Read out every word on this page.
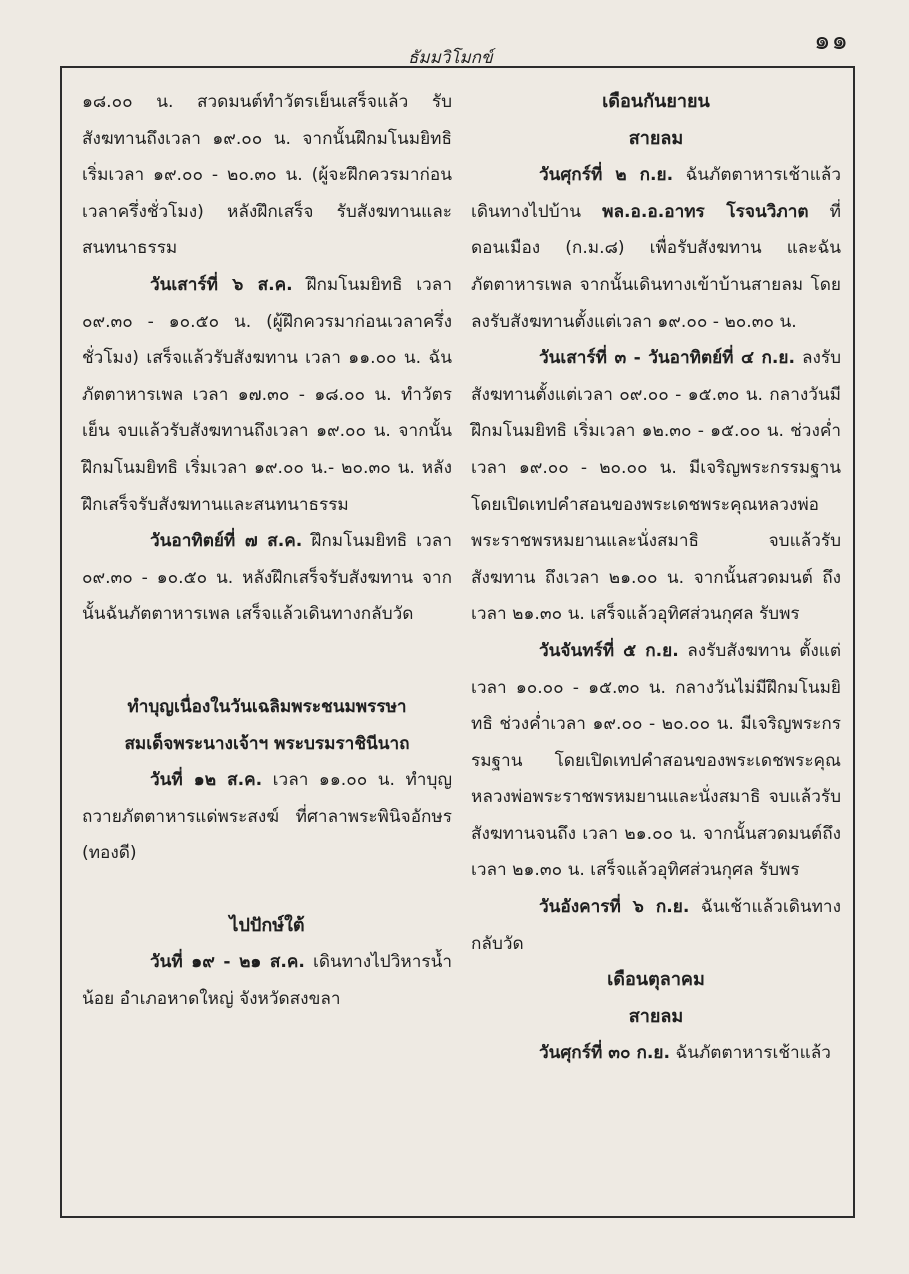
๑๑
ธัมมวิโมกข์

๑๘.๐๐ น. สวดมนต์ทำวัตรเย็นเสร็จแล้ว รับสังฆทานถึงเวลา ๑๙.๐๐ น. จากนั้นฝึกมโนมยิทธิ เริ่มเวลา ๑๙.๐๐ - ๒๐.๓๐ น. (ผู้จะฝึกควรมาก่อนเวลาครึ่งชั่วโมง) หลังฝึกเสร็จ รับสังฆทานและสนทนาธรรม

วันเสาร์ที่ ๖ ส.ค. ฝึกมโนมยิทธิ เวลา ๐๙.๓๐ - ๑๐.๕๐ น. (ผู้ฝึกควรมาก่อนเวลาครึ่งชั่วโมง) เสร็จแล้วรับสังฆทาน เวลา ๑๑.๐๐ น. ฉันภัตตาหารเพล เวลา ๑๗.๓๐ - ๑๘.๐๐ น. ทำวัตรเย็น จบแล้วรับสังฆทานถึงเวลา ๑๙.๐๐ น. จากนั้น ฝึกมโนมยิทธิ เริ่มเวลา ๑๙.๐๐ น.- ๒๐.๓๐ น. หลังฝึกเสร็จรับสังฆทานและสนทนาธรรม

วันอาทิตย์ที่ ๗ ส.ค. ฝึกมโนมยิทธิ เวลา ๐๙.๓๐ - ๑๐.๕๐ น. หลังฝึกเสร็จรับสังฆทาน จากนั้นฉันภัตตาหารเพล เสร็จแล้วเดินทางกลับวัด

ทำบุญเนื่องในวันเฉลิมพระชนมพรรษา

สมเด็จพระนางเจ้าฯ พระบรมราชินีนาถ

วันที่ ๑๒ ส.ค. เวลา ๑๑.๐๐ น. ทำบุญถวายภัตตาหารแด่พระสงฆ์ ที่ศาลาพระพินิจอักษร (ทองดี)

ไปปักษ์ใต้

วันที่ ๑๙ - ๒๑ ส.ค. เดินทางไปวิหารน้ำน้อย อำเภอหาดใหญ่ จังหวัดสงขลา

เดือนกันยายน

สายลม

วันศุกร์ที่ ๒ ก.ย. ฉันภัตตาหารเช้าแล้วเดินทางไปบ้าน พล.อ.อ.อาทร โรจนวิภาต ที่ดอนเมือง (ก.ม.๘) เพื่อรับสังฆทาน และฉันภัตตาหารเพล จากนั้นเดินทางเข้าบ้านสายลม โดยลงรับสังฆทานตั้งแต่เวลา ๑๙.๐๐ - ๒๐.๓๐ น.

วันเสาร์ที่ ๓ - วันอาทิตย์ที่ ๔ ก.ย. ลงรับสังฆทานตั้งแต่เวลา ๐๙.๐๐ - ๑๕.๓๐ น. กลางวันมีฝึกมโนมยิทธิ เริ่มเวลา ๑๒.๓๐ - ๑๕.๐๐ น. ช่วงค่ำ เวลา ๑๙.๐๐ - ๒๐.๐๐ น. มีเจริญพระกรรมฐาน โดยเปิดเทปคำสอนของพระเดชพระคุณหลวงพ่อพระราชพรหมยานและนั่งสมาธิ จบแล้วรับสังฆทาน ถึงเวลา ๒๑.๐๐ น. จากนั้นสวดมนต์ ถึงเวลา ๒๑.๓๐ น. เสร็จแล้วอุทิศส่วนกุศล รับพร

วันจันทร์ที่ ๕ ก.ย. ลงรับสังฆทาน ตั้งแต่เวลา ๑๐.๐๐ - ๑๕.๓๐ น. กลางวันไม่มีฝึกมโนมยิทธิ ช่วงค่ำเวลา ๑๙.๐๐ - ๒๐.๐๐ น. มีเจริญพระกรรมฐาน โดยเปิดเทปคำสอนของพระเดชพระคุณหลวงพ่อพระราชพรหมยานและนั่งสมาธิ จบแล้วรับสังฆทานจนถึง เวลา ๒๑.๐๐ น. จากนั้นสวดมนต์ถึงเวลา ๒๑.๓๐ น. เสร็จแล้วอุทิศส่วนกุศล รับพร

วันอังคารที่ ๖ ก.ย. ฉันเช้าแล้วเดินทางกลับวัด

เดือนตุลาคม

สายลม

วันศุกร์ที่ ๓๐ ก.ย. ฉันภัตตาหารเช้าแล้ว
